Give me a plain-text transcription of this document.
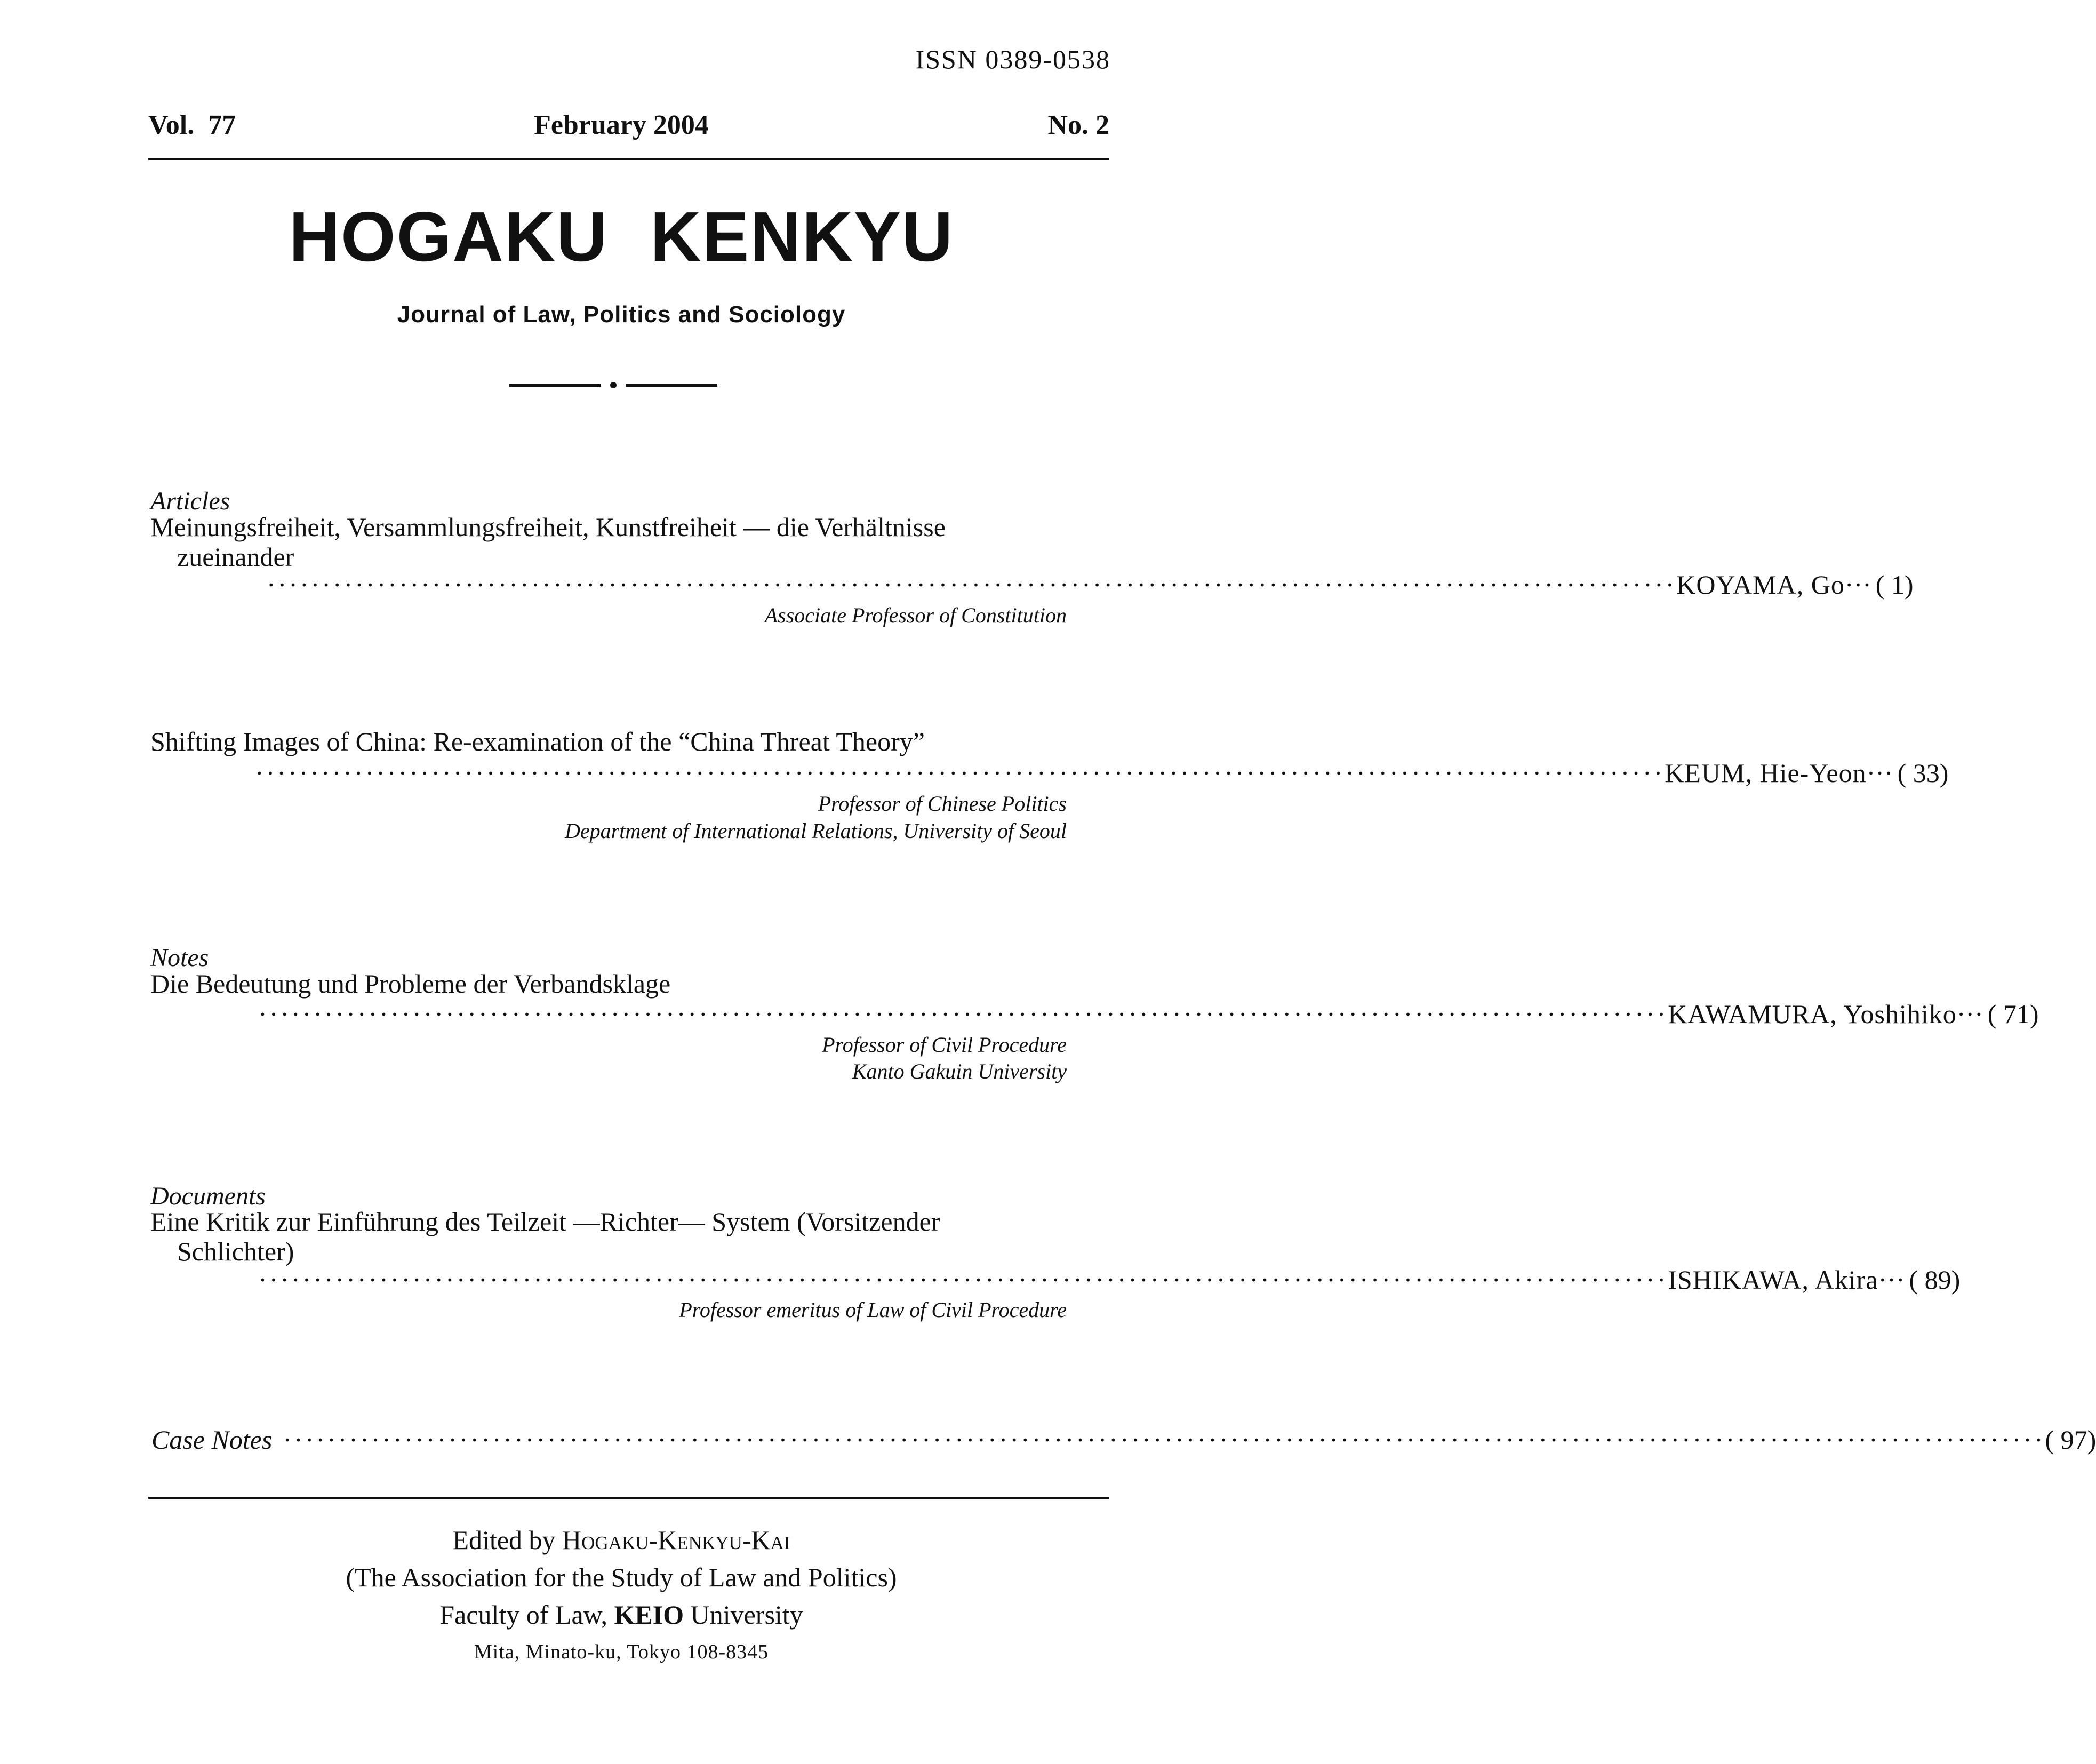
ISSN 0389-0538
Vol.  77	February 2004	No. 2
HOGAKU KENKYU
Journal of Law, Politics and Sociology
Articles
Meinungsfreiheit, Versammlungsfreiheit, Kunstfreiheit — die Verhältnisse
zueinander
································································································································ KOYAMA, Go ··· ( 1)
Associate Professor of Constitution
Shifting Images of China: Re-examination of the “China Threat Theory”
································································································································ KEUM, Hie-Yeon ··· ( 33)
Professor of Chinese Politics
Department of International Relations, University of Seoul
Notes
Die Bedeutung und Probleme der Verbandsklage
································································································································ KAWAMURA, Yoshihiko ··· ( 71)
Professor of Civil Procedure
Kanto Gakuin University
Documents
Eine Kritik zur Einführung des Teilzeit —Richter— System (Vorsitzender
Schlichter)
································································································································ ISHIKAWA, Akira ··· ( 89)
Professor emeritus of Law of Civil Procedure
Case Notes ································································································································································ ( 97)
Edited by Hogaku-Kenkyu-Kai
(The Association for the Study of Law and Politics)
Faculty of Law, KEIO University
Mita, Minato-ku, Tokyo 108-8345
